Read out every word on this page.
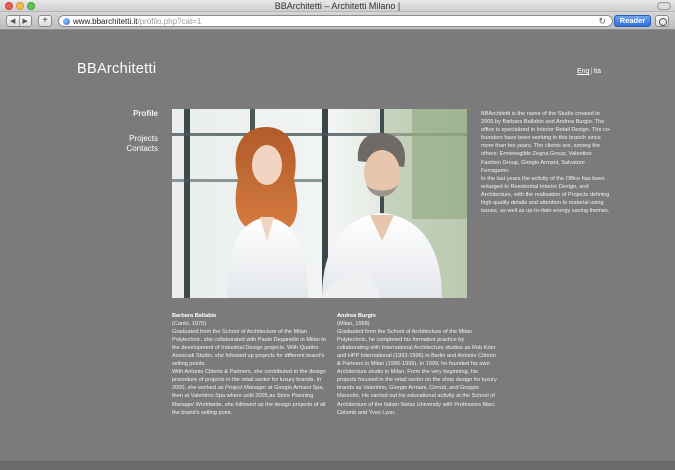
BBArchitetti – Architetti Milano |
◀	▶	+	www.bbarchitetti.it/profilo.php?cat=1	↻	Reader
BBArchitetti	Eng|Ita
Profile
Projects
Contacts
BBArchitetti is the name of the Studio created in 2005 by Barbara Ballabio and Andrea Burgio. The office is specialized in Interior Retail Design. The co-founders have been working in this branch since more than ten years. The clients are, among the others: Ermenegildo Zegna Group, Valentino Fashion Group, Giorgio Armani, Salvatore Ferragamo.
In the last years the activity of the Office has been enlarged to Residential Interior Design, and Architecture, with the realisation of Projects defining high quality details and attention to material using issues, as well as up-to-date energy saving themes.
Barbara Ballabio
(Cantù, 1970)
Graduated from the School of Architecture of the Milan Polytechnic, she collaborated with Paolo Deganello in Milan to the development of Industrial Design projects. With Quattro Associati Studio, she followed up projects for different brand's selling points.
With Antonio Citterio & Partners, she contributed to the design procedure of projects in the retail sector for luxury brands. In 2000, she worked as Project Manager at Giorgio Armani Spa, then at Valentino Spa where until 2005,as Store Planning Manager Worldwide, she followed up the design projects of all the brand's selling point.
Andrea Burgio
(Milan, 1968)
Graduated form the School of Architecture of the Milan Polytechnic, he completed his formative practice by collaborating with International Architecture studios as Rob Krier and HPP International (1993-1996) in Berlin and Antonio Citterio & Partners in Milan (1996-1999). In 1999, he founded his own Architecture studio in Milan. From the very beginning, his projects focused in the retail sector on the shop design for luxury brands as Valentino, Giorgio Armani, Cerruti, and Gruppo Marzotto. He carried out his educational activity at the School of Architecture of the Italian Swiss University with Professors Marc Colomb and Yves Lyon.
